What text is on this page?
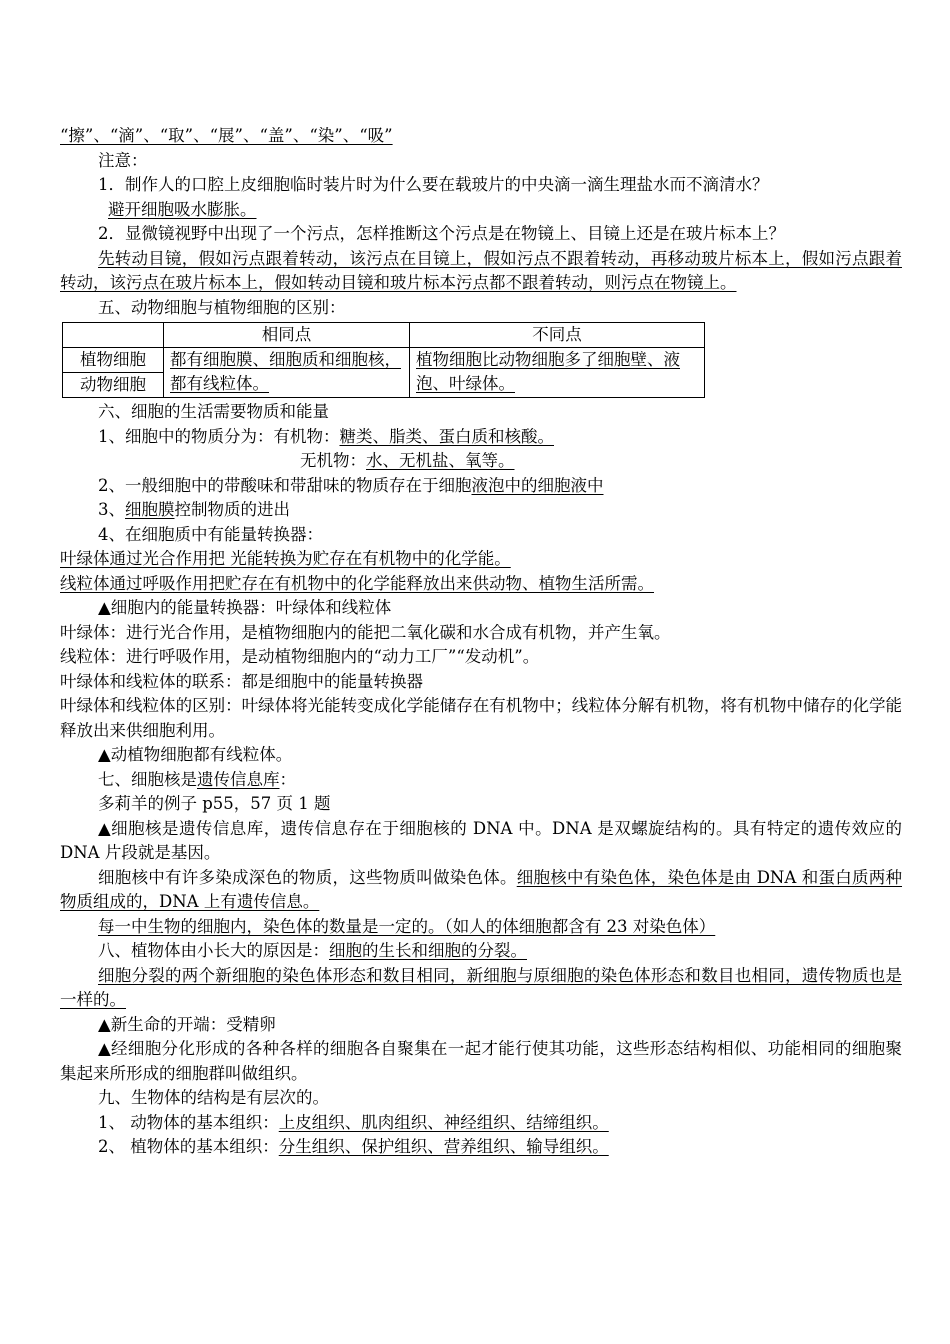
“擦”、“滴”、“取”、“展”、“盖”、“染”、“吸”
注意：
1．制作人的口腔上皮细胞临时装片时为什么要在载玻片的中央滴一滴生理盐水而不滴清水？
避开细胞吸水膨胀。
2．显微镜视野中出现了一个污点，怎样推断这个污点是在物镜上、目镜上还是在玻片标本上？
先转动目镜，假如污点跟着转动，该污点在目镜上，假如污点不跟着转动，再移动玻片标本上，假如污点跟着转动，该污点在玻片标本上，假如转动目镜和玻片标本污点都不跟着转动，则污点在物镜上。
五、动物细胞与植物细胞的区别：
	相同点	不同点
植物细胞	都有细胞膜、细胞质和细胞核，都有线粒体。	植物细胞比动物细胞多了细胞壁、液泡、叶绿体。
动物细胞		
六、细胞的生活需要物质和能量
1、细胞中的物质分为：有机物：糖类、脂类、蛋白质和核酸。
无机物：水、无机盐、氧等。
2、一般细胞中的带酸味和带甜味的物质存在于细胞液泡中的细胞液中
3、细胞膜控制物质的进出
4、在细胞质中有能量转换器：
叶绿体通过光合作用把 光能转换为贮存在有机物中的化学能。
线粒体通过呼吸作用把贮存在有机物中的化学能释放出来供动物、植物生活所需。
▲细胞内的能量转换器：叶绿体和线粒体
叶绿体：进行光合作用，是植物细胞内的能把二氧化碳和水合成有机物，并产生氧。
线粒体：进行呼吸作用，是动植物细胞内的“动力工厂”“发动机”。
叶绿体和线粒体的联系：都是细胞中的能量转换器
叶绿体和线粒体的区别：叶绿体将光能转变成化学能储存在有机物中；线粒体分解有机物，将有机物中储存的化学能释放出来供细胞利用。
▲动植物细胞都有线粒体。
七、细胞核是遗传信息库：
多莉羊的例子 p55，57 页 1 题
▲细胞核是遗传信息库，遗传信息存在于细胞核的 DNA 中。DNA 是双螺旋结构的。具有特定的遗传效应的 DNA 片段就是基因。
细胞核中有许多染成深色的物质，这些物质叫做染色体。细胞核中有染色体，染色体是由 DNA 和蛋白质两种物质组成的，DNA 上有遗传信息。
每一中生物的细胞内，染色体的数量是一定的。（如人的体细胞都含有 23 对染色体）
八、植物体由小长大的原因是：细胞的生长和细胞的分裂。
细胞分裂的两个新细胞的染色体形态和数目相同，新细胞与原细胞的染色体形态和数目也相同，遗传物质也是一样的。
▲新生命的开端：受精卵
▲经细胞分化形成的各种各样的细胞各自聚集在一起才能行使其功能，这些形态结构相似、功能相同的细胞聚集起来所形成的细胞群叫做组织。
九、生物体的结构是有层次的。
1、 动物体的基本组织：上皮组织、肌肉组织、神经组织、结缔组织。
2、 植物体的基本组织：分生组织、保护组织、营养组织、输导组织。
